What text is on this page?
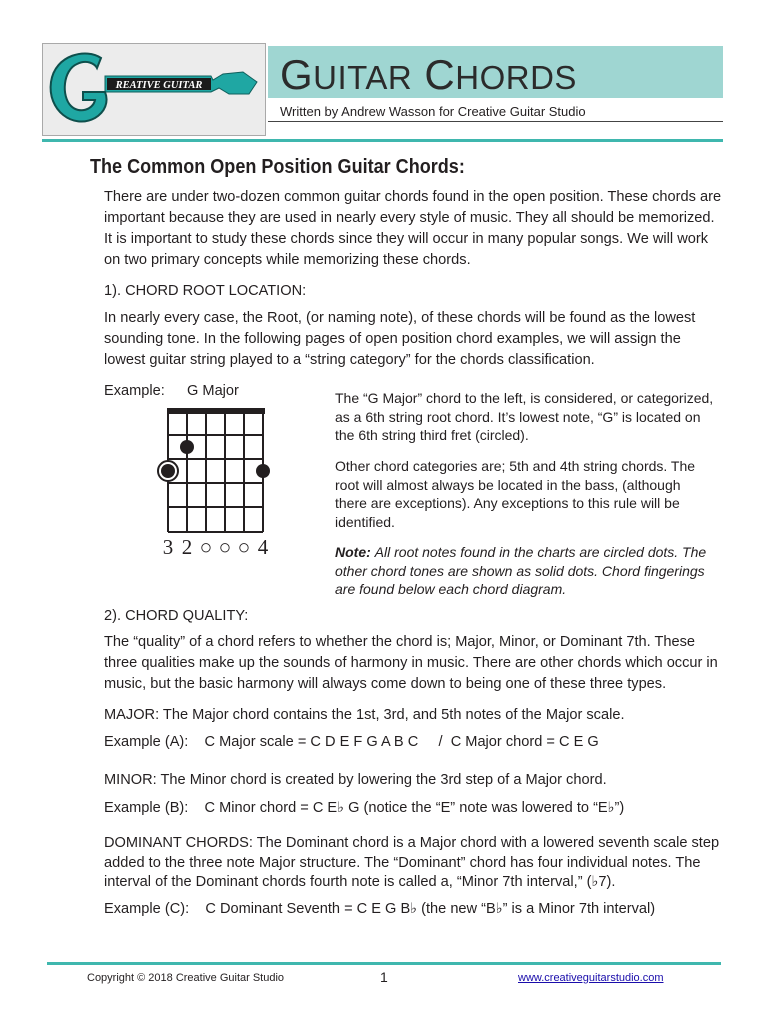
REATIVE GUITAR GUITAR CHORDS
Written by Andrew Wasson for Creative Guitar Studio
The Common Open Position Guitar Chords:
There are under two-dozen common guitar chords found in the open position. These chords are important because they are used in nearly every style of music. They all should be memorized. It is important to study these chords since they will occur in many popular songs. We will work on two primary concepts while memorizing these chords.
1). CHORD ROOT LOCATION:
In nearly every case, the Root, (or naming note), of these chords will be found as the lowest sounding tone. In the following pages of open position chord examples, we will assign the lowest guitar string played to a “string category” for the chords classification.
Example: G Major
3 2 ○ ○ ○ 4
The “G Major” chord to the left, is considered, or categorized, as a 6th string root chord. It’s lowest note, “G” is located on the 6th string third fret (circled).
Other chord categories are; 5th and 4th string chords. The root will almost always be located in the bass, (although there are exceptions). Any exceptions to this rule will be identified.
Note: All root notes found in the charts are circled dots. The other chord tones are shown as solid dots. Chord fingerings are found below each chord diagram.
2). CHORD QUALITY:
The “quality” of a chord refers to whether the chord is; Major, Minor, or Dominant 7th. These three qualities make up the sounds of harmony in music. There are other chords which occur in music, but the basic harmony will always come down to being one of these three types.
MAJOR: The Major chord contains the 1st, 3rd, and 5th notes of the Major scale.
Example (A):    C Major scale = C D E F G A B C     /  C Major chord = C E G
MINOR: The Minor chord is created by lowering the 3rd step of a Major chord.
Example (B):    C Minor chord = C E♭ G (notice the “E” note was lowered to “E♭”)
DOMINANT CHORDS: The Dominant chord is a Major chord with a lowered seventh scale step added to the three note Major structure. The “Dominant” chord has four individual notes. The interval of the Dominant chords fourth note is called a, “Minor 7th interval,” (♭7).
Example (C):    C Dominant Seventh = C E G B♭ (the new “B♭” is a Minor 7th interval)
Copyright © 2018 Creative Guitar Studio	1	www.creativeguitarstudio.com
